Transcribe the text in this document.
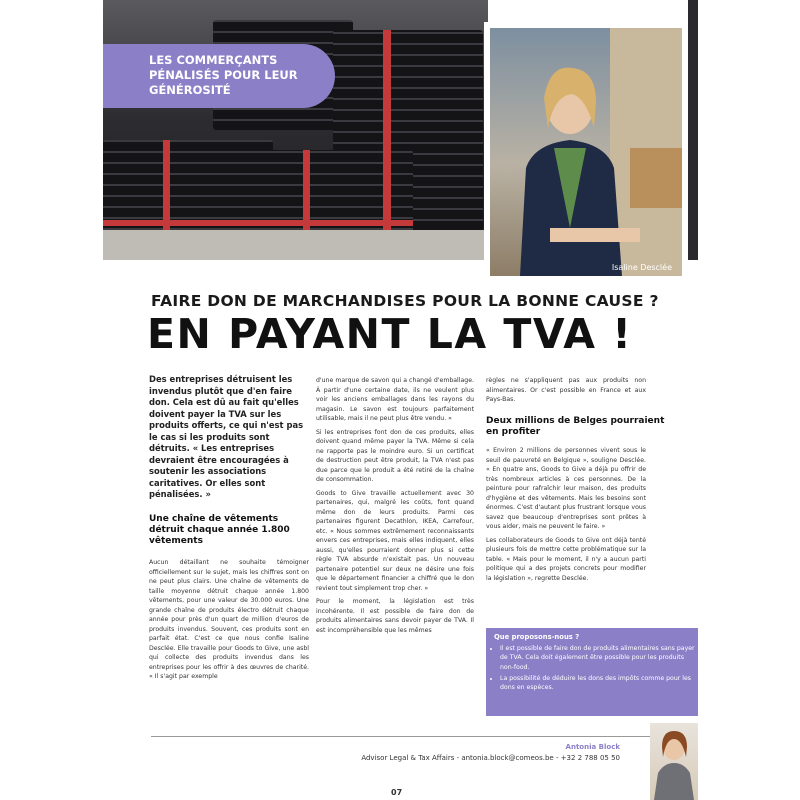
LES COMMERÇANTS PÉNALISÉS POUR LEUR GÉNÉROSITÉ
Isaline Desclée
FAIRE DON DE MARCHANDISES POUR LA BONNE CAUSE ?
EN PAYANT LA TVA !
Des entreprises détruisent les invendus plutôt que d'en faire don. Cela est dû au fait qu'elles doivent payer la TVA sur les produits offerts, ce qui n'est pas le cas si les produits sont détruits. « Les entreprises devraient être encouragées à soutenir les associations caritatives. Or elles sont pénalisées. »
Une chaîne de vêtements détruit chaque année 1.800 vêtements

Aucun détaillant ne souhaite témoigner officiellement sur le sujet, mais les chiffres sont on ne peut plus clairs. Une chaîne de vêtements de taille moyenne détruit chaque année 1.800 vêtements, pour une valeur de 30.000 euros. Une grande chaîne de produits électro détruit chaque année pour près d'un quart de million d'euros de produits invendus. Souvent, ces produits sont en parfait état. C'est ce que nous confie Isaline Desclée. Elle travaille pour Goods to Give, une asbl qui collecte des produits invendus dans les entreprises pour les offrir à des œuvres de charité. « Il s'agit par exemple

d'une marque de savon qui a changé d'emballage. À partir d'une certaine date, ils ne veulent plus voir les anciens emballages dans les rayons du magasin. Le savon est toujours parfaitement utilisable, mais il ne peut plus être vendu. »

Si les entreprises font don de ces produits, elles doivent quand même payer la TVA. Même si cela ne rapporte pas le moindre euro. Si un certificat de destruction peut être produit, la TVA n'est pas due parce que le produit a été retiré de la chaîne de consommation.

Goods to Give travaille actuellement avec 30 partenaires, qui, malgré les coûts, font quand même don de leurs produits. Parmi ces partenaires figurent Decathlon, IKEA, Carrefour, etc. « Nous sommes extrêmement reconnaissants envers ces entreprises, mais elles indiquent, elles aussi, qu'elles pourraient donner plus si cette règle TVA absurde n'existait pas. Un nouveau partenaire potentiel sur deux ne désire une fois que le département financier a chiffré que le don revient tout simplement trop cher. »

Pour le moment, la législation est très incohérente. Il est possible de faire don de produits alimentaires sans devoir payer de TVA. Il est incompréhensible que les mêmes

règles ne s'appliquent pas aux produits non alimentaires. Or c'est possible en France et aux Pays-Bas.

Deux millions de Belges pourraient en profiter

« Environ 2 millions de personnes vivent sous le seuil de pauvreté en Belgique », souligne Desclée. « En quatre ans, Goods to Give a déjà pu offrir de très nombreux articles à ces personnes. De la peinture pour rafraîchir leur maison, des produits d'hygiène et des vêtements. Mais les besoins sont énormes. C'est d'autant plus frustrant lorsque vous savez que beaucoup d'entreprises sont prêtes à vous aider, mais ne peuvent le faire. »

Les collaborateurs de Goods to Give ont déjà tenté plusieurs fois de mettre cette problématique sur la table. « Mais pour le moment, il n'y a aucun parti politique qui a des projets concrets pour modifier la législation », regrette Desclée.

Que proposons-nous ?
• Il est possible de faire don de produits alimentaires sans payer de TVA. Cela doit également être possible pour les produits non-food.
• La possibilité de déduire les dons des impôts comme pour les dons en espèces.
Antonia Block
Advisor Legal & Tax Affairs - antonia.block@comeos.be - +32 2 788 05 50
07
